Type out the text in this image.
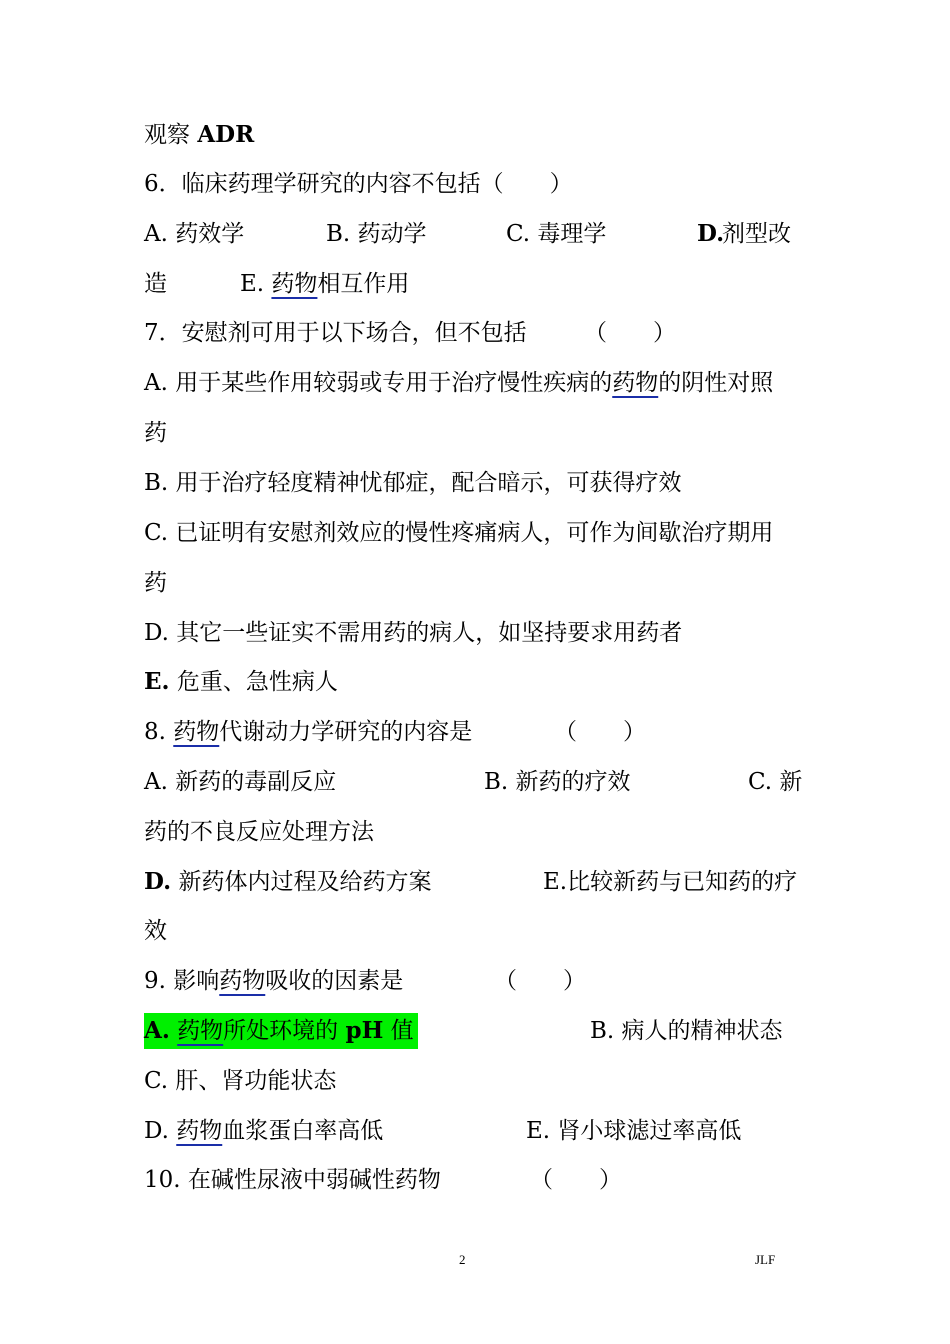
观察 ADR
6．临床药理学研究的内容不包括（　　）
A. 药效学	B. 药动学	C. 毒理学	D.
剂型改
造	E. 药物相互作用
7．安慰剂可用于以下场合，但不包括 （　　）
A. 用于某些作用较弱或专用于治疗慢性疾病的药物的阴性对照
药
B. 用于治疗轻度精神忧郁症，配合暗示，可获得疗效
C. 已证明有安慰剂效应的慢性疼痛病人，可作为间歇治疗期用
药
D. 其它一些证实不需用药的病人，如坚持要求用药者
E. 危重、急性病人
8. 药物代谢动力学研究的内容是	（　　）
A. 新药的毒副反应	B. 新药的疗效	C. 新
药的不良反应处理方法
D. 新药体内过程及给药方案	E.比较新药与已知药的疗
效
9. 影响药物吸收的因素是	（　　）
A. 药物所处环境的 pH 值	B. 病人的精神状态
C. 肝、肾功能状态
D. 药物血浆蛋白率高低	E. 肾小球滤过率高低
10. 在碱性尿液中弱碱性药物	（　　）
2	JLF
